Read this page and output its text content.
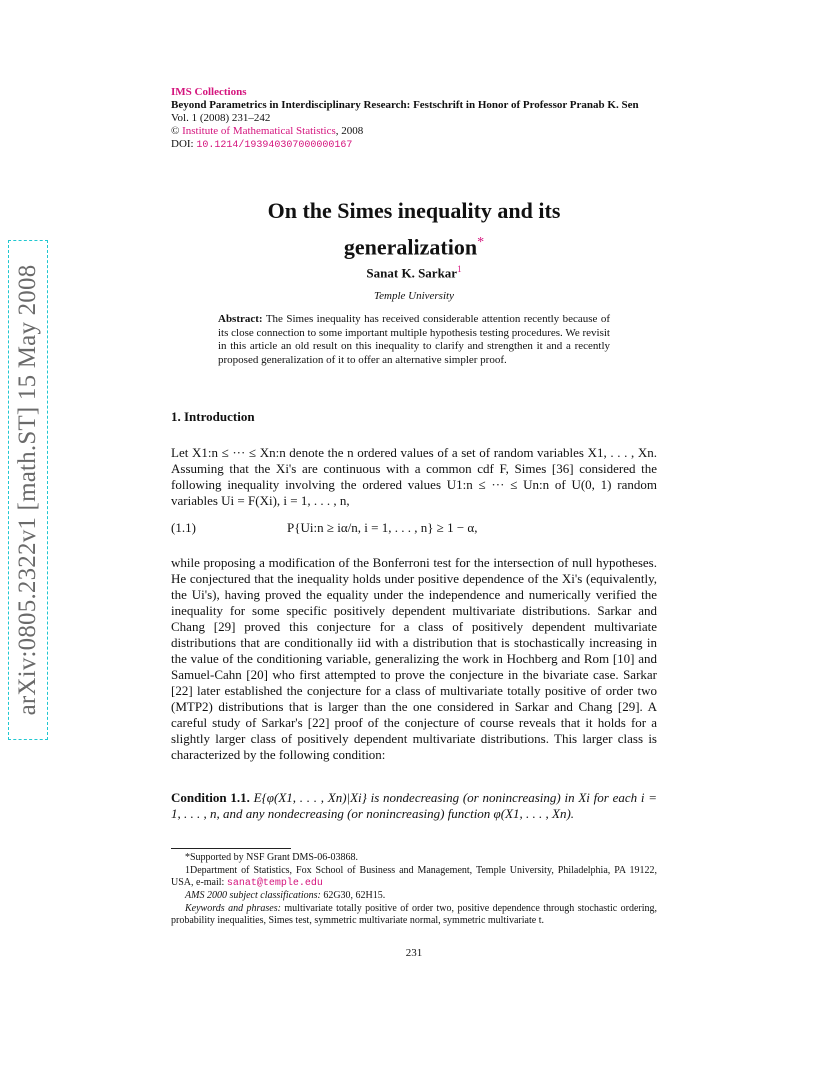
IMS Collections
Beyond Parametrics in Interdisciplinary Research: Festschrift in Honor of Professor Pranab K. Sen
Vol. 1 (2008) 231–242
© Institute of Mathematical Statistics, 2008
DOI: 10.1214/193940307000000167
arXiv:0805.2322v1 [math.ST] 15 May 2008
On the Simes inequality and its
generalization*
Sanat K. Sarkar$^1$
Temple University
Abstract: The Simes inequality has received considerable attention recently because of its close connection to some important multiple hypothesis testing procedures. We revisit in this article an old result on this inequality to clarify and strengthen it and a recently proposed generalization of it to offer an alternative simpler proof.
1. Introduction
Let X1:n ≤ ··· ≤ Xn:n denote the n ordered values of a set of random variables X1, . . . , Xn. Assuming that the Xi's are continuous with a common cdf F, Simes [36] considered the following inequality involving the ordered values U1:n ≤ ··· ≤ Un:n of U(0, 1) random variables Ui = F(Xi), i = 1, . . . , n,
(1.1)	P{Ui:n ≥ iα/n, i = 1, . . . , n} ≥ 1 − α,
while proposing a modification of the Bonferroni test for the intersection of null hypotheses. He conjectured that the inequality holds under positive dependence of the Xi's (equivalently, the Ui's), having proved the equality under the independence and numerically verified the inequality for some specific positively dependent multivariate distributions. Sarkar and Chang [29] proved this conjecture for a class of positively dependent multivariate distributions that are conditionally iid with a distribution that is stochastically increasing in the value of the conditioning variable, generalizing the work in Hochberg and Rom [10] and Samuel-Cahn [20] who first attempted to prove the conjecture in the bivariate case. Sarkar [22] later established the conjecture for a class of multivariate totally positive of order two (MTP2) distributions that is larger than the one considered in Sarkar and Chang [29]. A careful study of Sarkar's [22] proof of the conjecture of course reveals that it holds for a slightly larger class of positively dependent multivariate distributions. This larger class is characterized by the following condition:
Condition 1.1. E{φ(X1, . . . , Xn)|Xi} is nondecreasing (or nonincreasing) in Xi for each i = 1, . . . , n, and any nondecreasing (or nonincreasing) function φ(X1, . . . , Xn).
*Supported by NSF Grant DMS-06-03868.
1Department of Statistics, Fox School of Business and Management, Temple University, Philadelphia, PA 19122, USA, e-mail: sanat@temple.edu
AMS 2000 subject classifications: 62G30, 62H15.
Keywords and phrases: multivariate totally positive of order two, positive dependence through stochastic ordering, probability inequalities, Simes test, symmetric multivariate normal, symmetric multivariate t.
231
